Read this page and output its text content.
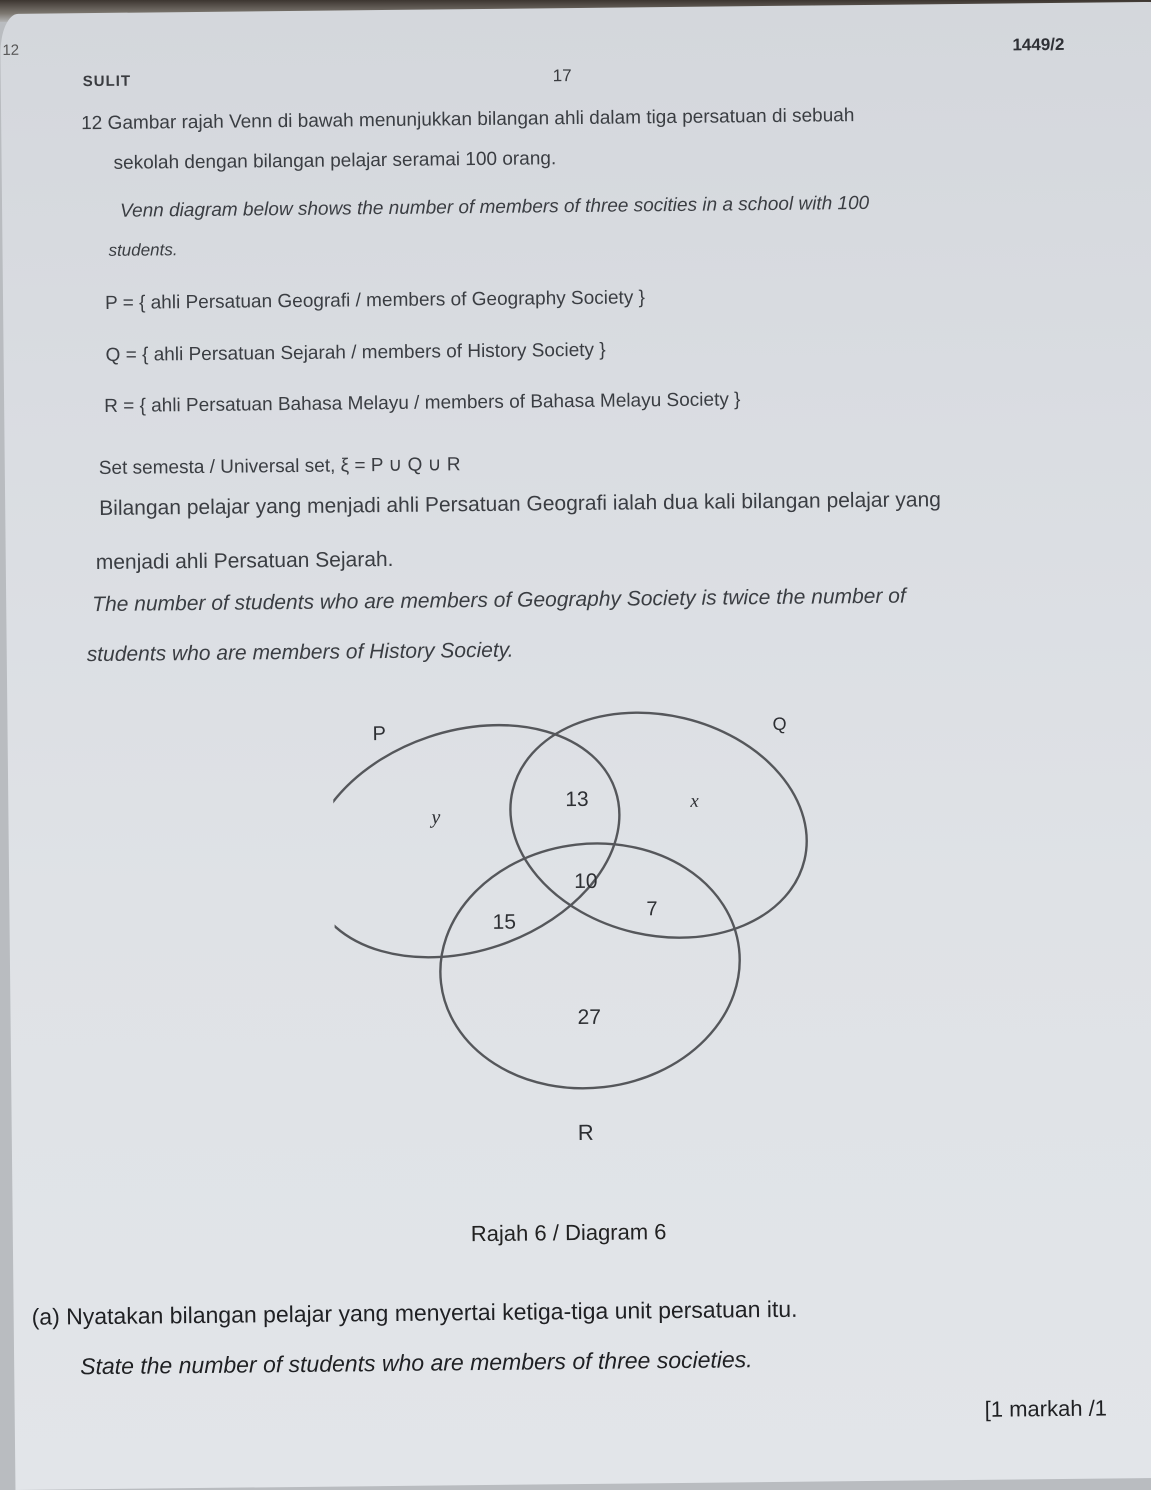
12
SULIT	17
1449/2
12 Gambar rajah Venn di bawah menunjukkan bilangan ahli dalam tiga persatuan di sebuah
sekolah dengan bilangan pelajar seramai 100 orang.
Venn diagram below shows the number of members of three socities in a school with 100
students.
P = { ahli Persatuan Geografi / members of Geography Society }
Q = { ahli Persatuan Sejarah / members of History Society }
R = { ahli Persatuan Bahasa Melayu / members of Bahasa Melayu Society }
Set semesta / Universal set, ξ = P ∪ Q ∪ R
Bilangan pelajar yang menjadi ahli Persatuan Geografi ialah dua kali bilangan pelajar yang
menjadi ahli Persatuan Sejarah.
The number of students who are members of Geography Society is twice the number of
students who are members of History Society.
P	Q
y
13	x
10
15
7
27
R
Rajah 6 / Diagram 6
(a) Nyatakan bilangan pelajar yang menyertai ketiga-tiga unit persatuan itu.
State the number of students who are members of three societies.
[1 markah /1
